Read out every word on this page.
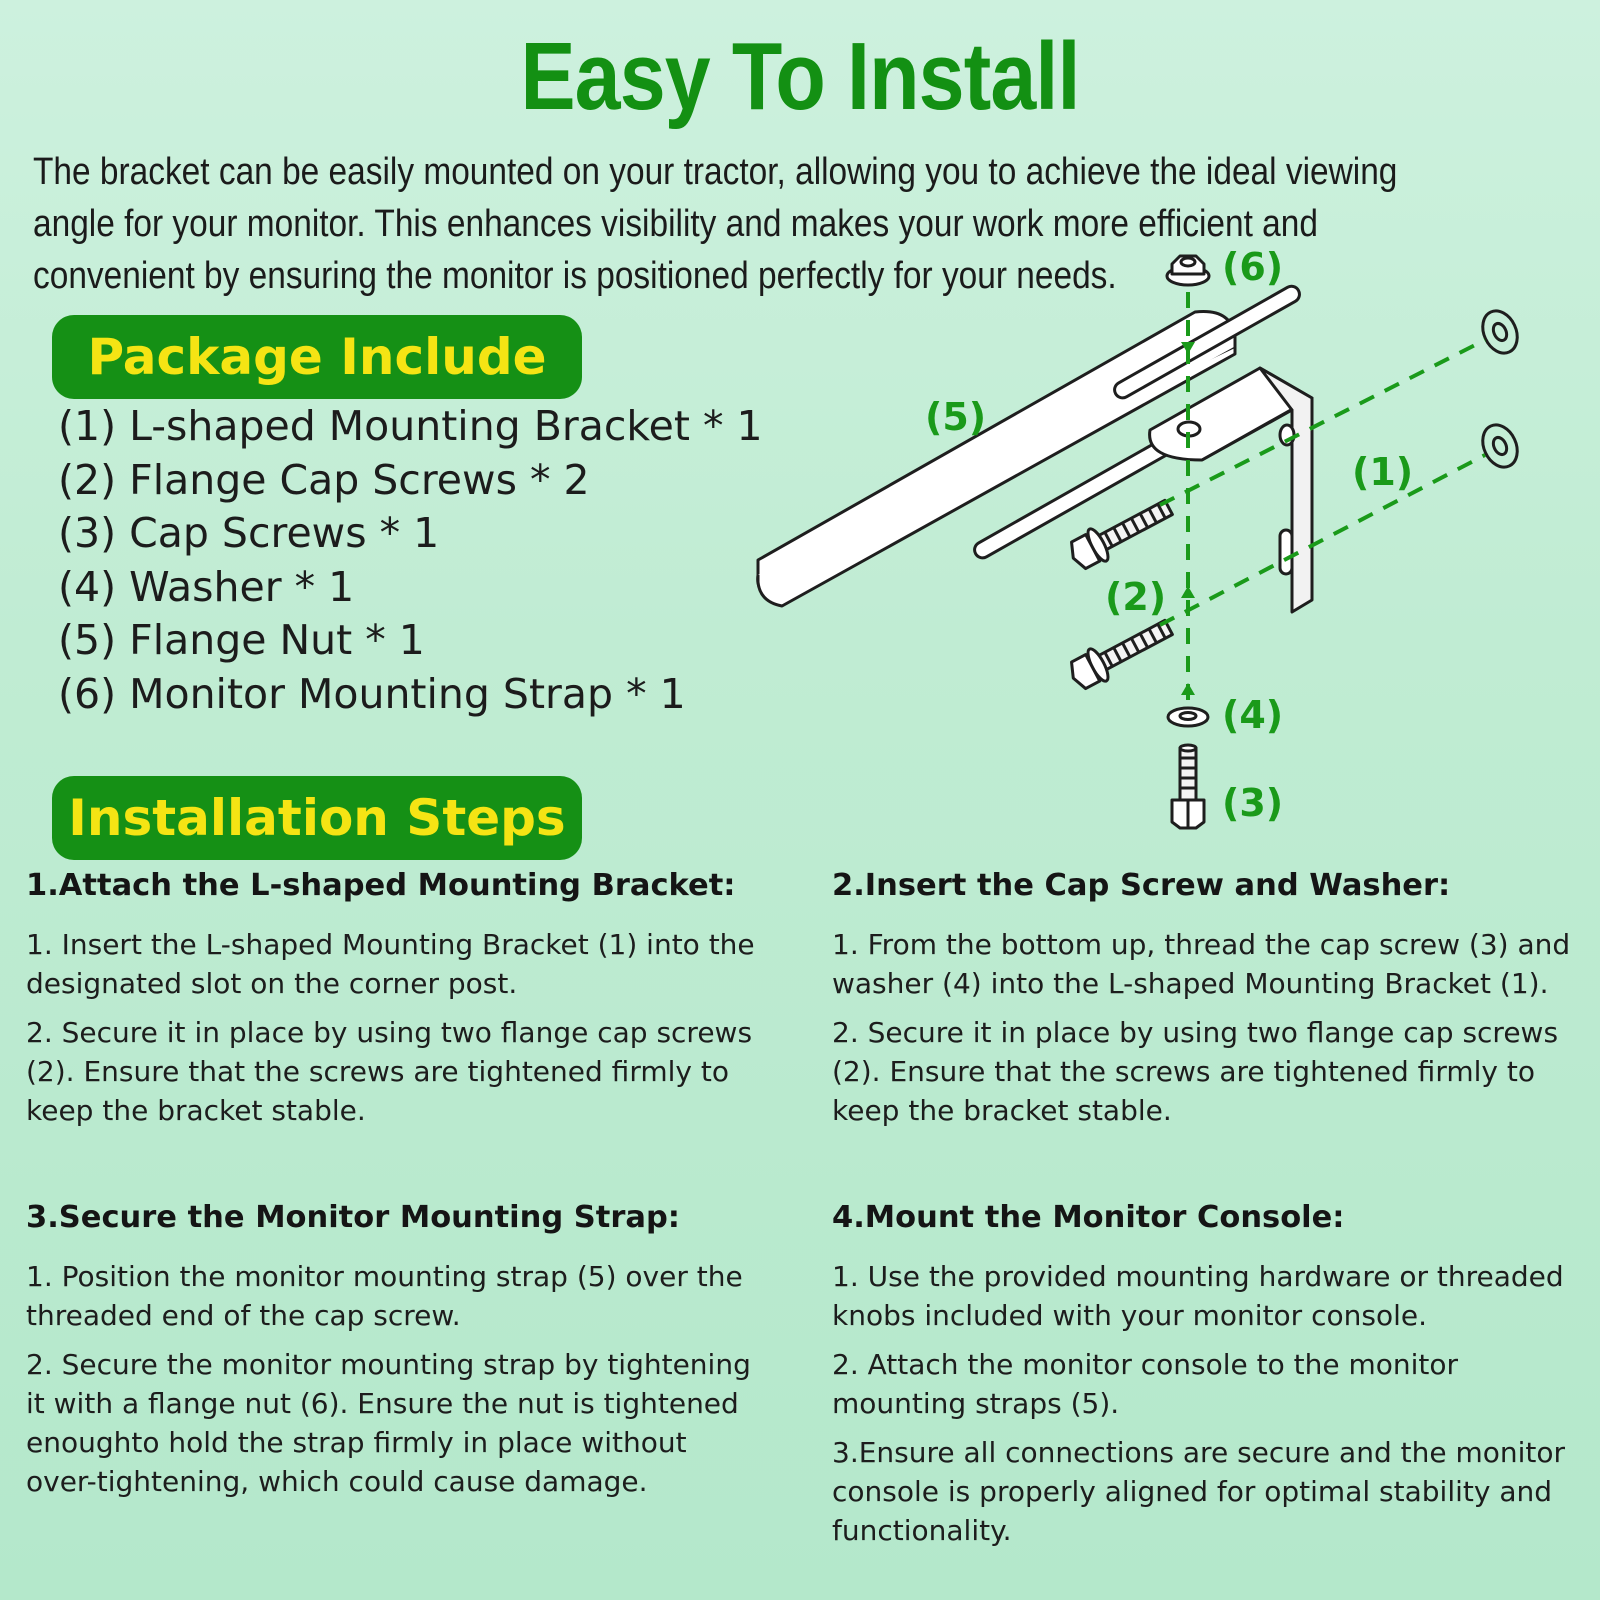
Easy To Install
The bracket can be easily mounted on your tractor, allowing you to achieve the ideal viewing angle for your monitor. This enhances visibility and makes your work more efficient and convenient by ensuring the monitor is positioned perfectly for your needs.
Package Include
(1) L-shaped Mounting Bracket * 1
(2) Flange Cap Screws * 2
(3) Cap Screws * 1
(4) Washer * 1
(5) Flange Nut * 1
(6) Monitor Mounting Strap * 1
(6)
(5)
(1)
(2)
(4)
(3)
Installation Steps
1.Attach the L-shaped Mounting Bracket:

1. Insert the L-shaped Mounting Bracket (1) into the designated slot on the corner post.

2. Secure it in place by using two flange cap screws (2). Ensure that the screws are tightened firmly to keep the bracket stable.

2.Insert the Cap Screw and Washer:

1. From the bottom up, thread the cap screw (3) and washer (4) into the L-shaped Mounting Bracket (1).

2. Secure it in place by using two flange cap screws (2). Ensure that the screws are tightened firmly to keep the bracket stable.

3.Secure the Monitor Mounting Strap:

1. Position the monitor mounting strap (5) over the threaded end of the cap screw.

2. Secure the monitor mounting strap by tightening it with a flange nut (6). Ensure the nut is tightened enoughto hold the strap firmly in place without over-tightening, which could cause damage.

4.Mount the Monitor Console:

1. Use the provided mounting hardware or threaded knobs included with your monitor console.

2. Attach the monitor console to the monitor mounting straps (5).

3.Ensure all connections are secure and the monitor console is properly aligned for optimal stability and functionality.
